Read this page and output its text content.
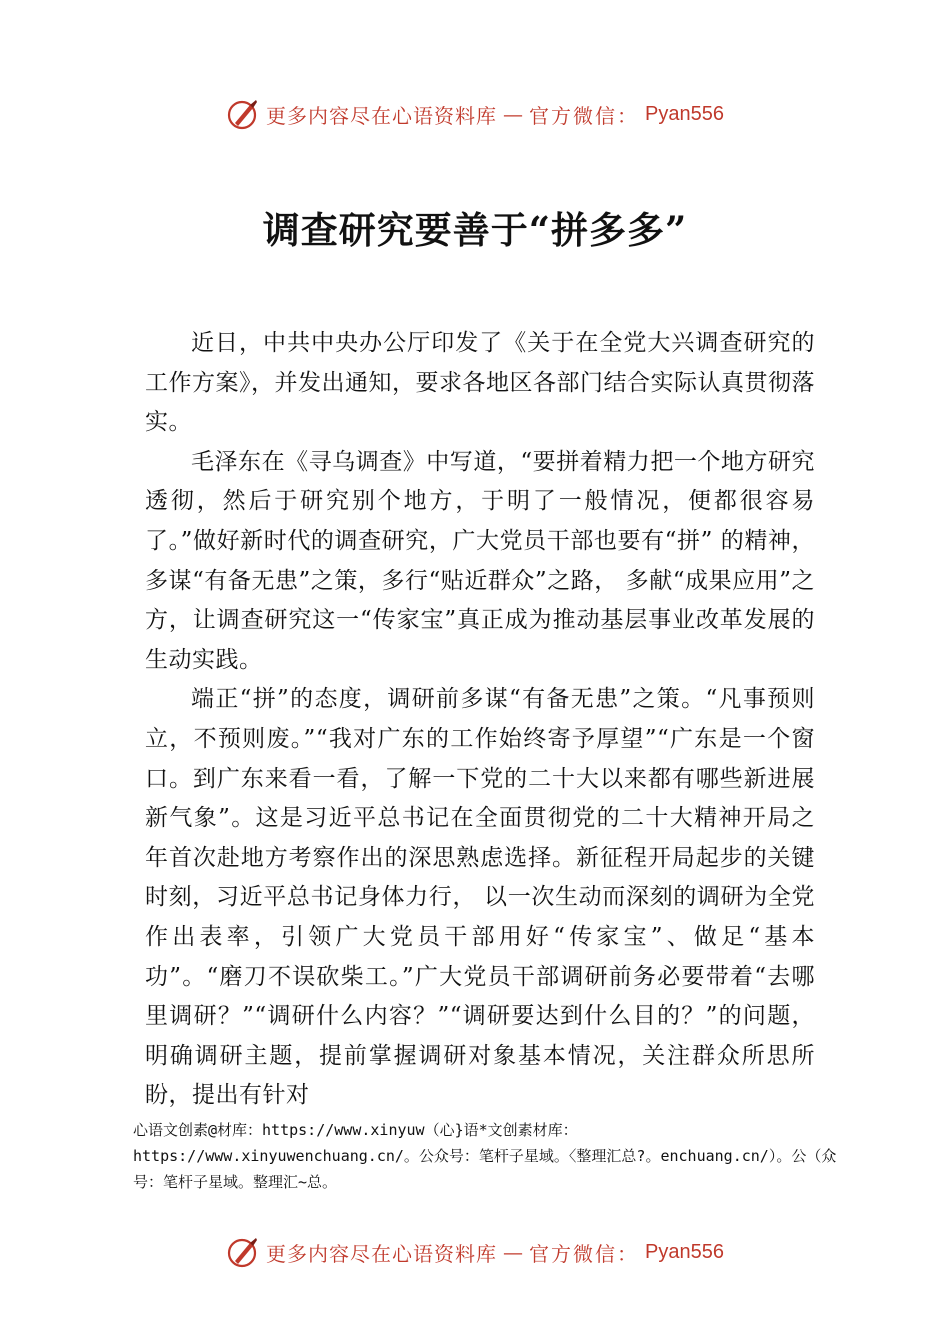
更多内容尽在心语资料库 — 官方微信： Pyan556
调查研究要善于“拼多多”

近日，中共中央办公厅印发了《关于在全党大兴调查研究的工作方案》，并发出通知，要求各地区各部门结合实际认真贯彻落实。

毛泽东在《寻乌调查》中写道，“要拼着精力把一个地方研究透彻，然后于研究别个地方，于明了一般情况，便都很容易了。”做好新时代的调查研究，广大党员干部也要有“拼” 的精神，多谋“有备无患”之策，多行“贴近群众”之路， 多献“成果应用”之方，让调查研究这一“传家宝”真正成为推动基层事业改革发展的生动实践。

端正“拼”的态度，调研前多谋“有备无患”之策。“凡事预则立，不预则废。”“我对广东的工作始终寄予厚望”“广东是一个窗口。到广东来看一看，了解一下党的二十大以来都有哪些新进展新气象”。这是习近平总书记在全面贯彻党的二十大精神开局之年首次赴地方考察作出的深思熟虑选择。新征程开局起步的关键时刻，习近平总书记身体力行， 以一次生动而深刻的调研为全党作出表率，引领广大党员干部用好“传家宝”、做足“基本功”。“磨刀不误砍柴工。”广大党员干部调研前务必要带着“去哪里调研？”“调研什么内容？”“调研要达到什么目的？”的问题，明确调研主题，提前掌握调研对象基本情况，关注群众所思所盼，提出有针对

心语文创素@材库：https://www.xinyuw（心}语*文创素材库：https://www.xinyuwenchuang.cn/。公众号：笔杆子星域。〈整理汇总?。enchuang.cn/）。公（众号：笔杆子星域。整理汇~总。
更多内容尽在心语资料库 — 官方微信： Pyan556
